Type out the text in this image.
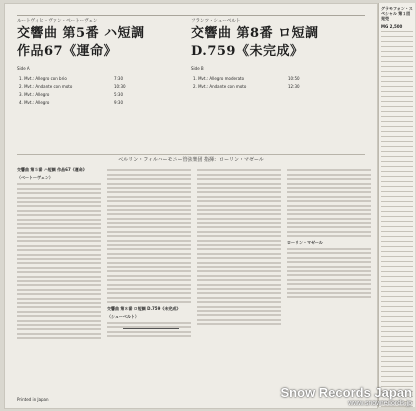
ルートヴィヒ・ヴァン・ベートーヴェン
交響曲 第5番 ハ短調
作品67《運命》
Side A
1. Mvt.: Allegro con brio	7:30
2. Mvt.: Andante con moto	10:30
3. Mvt.: Allegro	5:30
4. Mvt.: Allegro	9:30
フランツ・シューベルト
交響曲 第8番 ロ短調
D.759《未完成》
Side B
1. Mvt.: Allegro moderato	10:50
2. Mvt.: Andante con moto	12:30
ベルリン・フィルハーモニー管弦楽団 指揮：ローリン・マゼール
交響曲 第５番 ハ短調 作品67《運命》
（ベートーヴェン）
交響曲 第８番 ロ短調 D.759《未完成》
（シューベルト）
ローリン・マゼール
Printed in Japan
グラモフォン・スペシャル 第１回発売
MG 2,500
Snow Records Japan
www.snowrecords.jp
